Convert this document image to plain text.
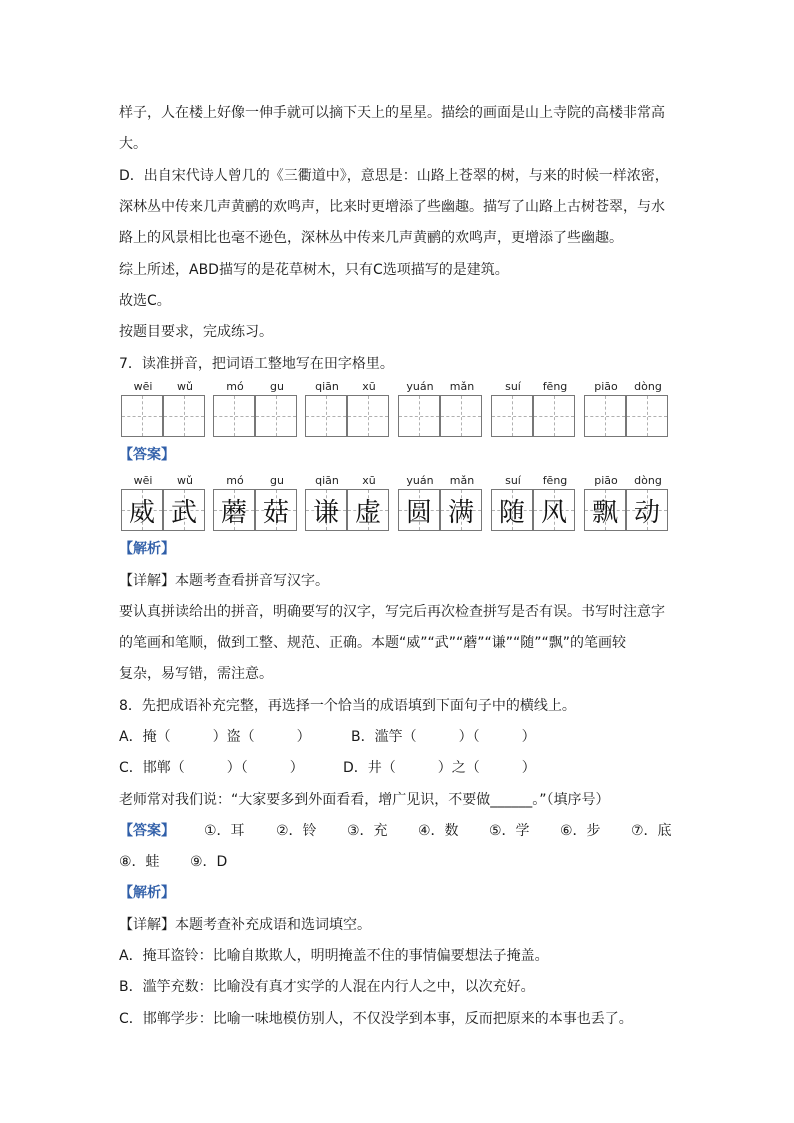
样子，人在楼上好像一伸手就可以摘下天上的星星。描绘的画面是山上寺院的高楼非常高
大。
D．出自宋代诗人曾几的《三衢道中》，意思是：山路上苍翠的树，与来的时候一样浓密，
深林丛中传来几声黄鹂的欢鸣声，比来时更增添了些幽趣。描写了山路上古树苍翠，与水
路上的风景相比也毫不逊色，深林丛中传来几声黄鹂的欢鸣声，更增添了些幽趣。
综上所述，ABD描写的是花草树木，只有C选项描写的是建筑。
故选C。
按题目要求，完成练习。
7．读准拼音，把词语工整地写在田字格里。
wēi	wǔ	mó	gu	qiān	xū	yuán	mǎn	suí	fēng	piāo	dòng
【答案】
wēi	wǔ	mó	gu	qiān	xū	yuán	mǎn	suí	fēng	piāo	dòng
威 武 蘑 菇 谦 虚 圆 满 随 风 飘 动
【解析】
【详解】本题考查看拼音写汉字。
要认真拼读给出的拼音，明确要写的汉字，写完后再次检查拼写是否有误。书写时注意字
的笔画和笔顺，做到工整、规范、正确。本题“威”“武”“蘑”“谦”“随”“飘”的笔画较
复杂，易写错，需注意。
8．先把成语补充完整，再选择一个恰当的成语填到下面句子中的横线上。
A．掩（　　　）盗（　　　）	B．滥竽（　　　）（　　　）
C．邯郸（　　　）（　　　）	D．井（　　　）之（　　　）
老师常对我们说：“大家要多到外面看看，增广见识，不要做______。”（填序号）
【答案】 ①．耳 ②．铃 ③．充 ④．数 ⑤．学 ⑥．步 ⑦．底
⑧．蛙 ⑨．D
【解析】
【详解】本题考查补充成语和选词填空。
A．掩耳盗铃：比喻自欺欺人，明明掩盖不住的事情偏要想法子掩盖。
B．滥竽充数：比喻没有真才实学的人混在内行人之中，以次充好。
C．邯郸学步：比喻一味地模仿别人，不仅没学到本事，反而把原来的本事也丢了。
